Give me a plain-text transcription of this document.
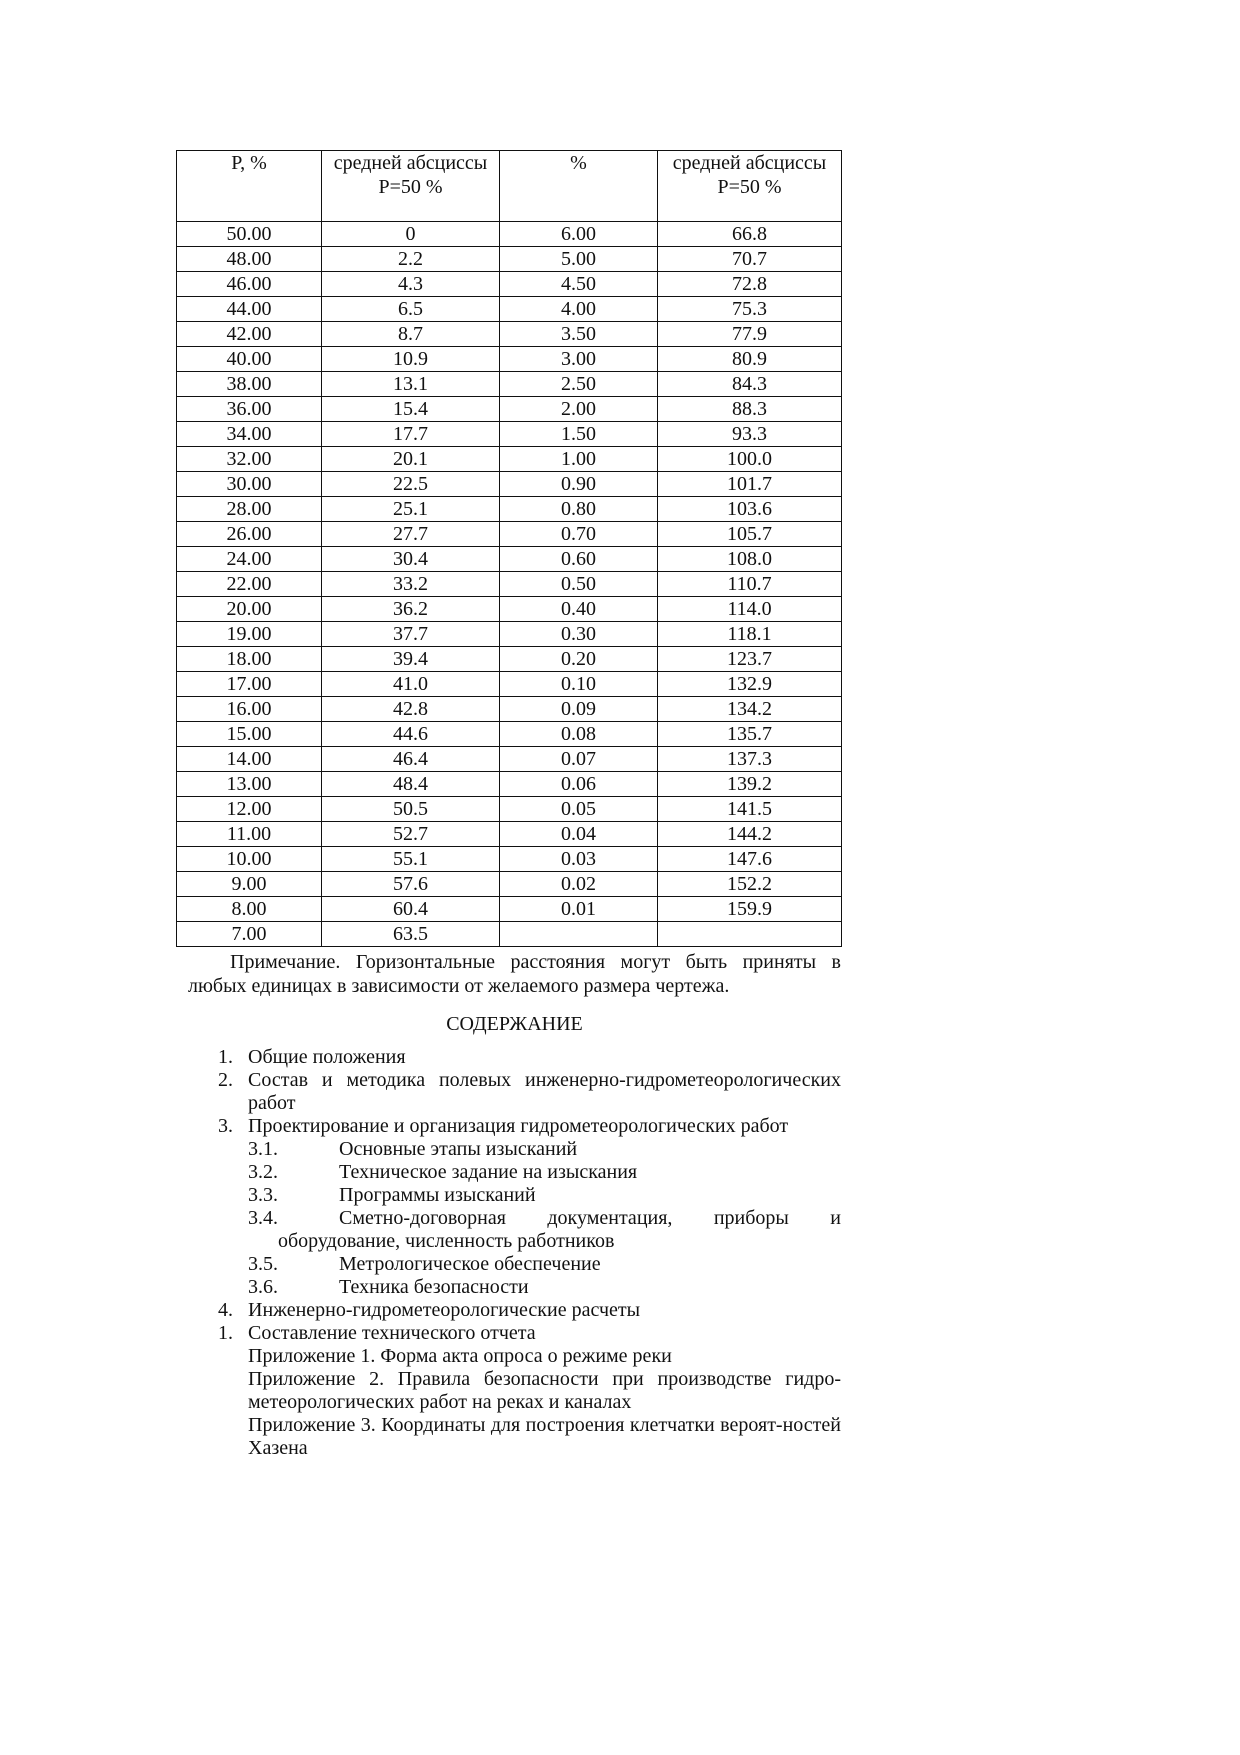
P, %	средней абсциссы P=50 %	%	средней абсциссы P=50 %
50.00	0	6.00	66.8
48.00	2.2	5.00	70.7
46.00	4.3	4.50	72.8
44.00	6.5	4.00	75.3
42.00	8.7	3.50	77.9
40.00	10.9	3.00	80.9
38.00	13.1	2.50	84.3
36.00	15.4	2.00	88.3
34.00	17.7	1.50	93.3
32.00	20.1	1.00	100.0
30.00	22.5	0.90	101.7
28.00	25.1	0.80	103.6
26.00	27.7	0.70	105.7
24.00	30.4	0.60	108.0
22.00	33.2	0.50	110.7
20.00	36.2	0.40	114.0
19.00	37.7	0.30	118.1
18.00	39.4	0.20	123.7
17.00	41.0	0.10	132.9
16.00	42.8	0.09	134.2
15.00	44.6	0.08	135.7
14.00	46.4	0.07	137.3
13.00	48.4	0.06	139.2
12.00	50.5	0.05	141.5
11.00	52.7	0.04	144.2
10.00	55.1	0.03	147.6
9.00	57.6	0.02	152.2
8.00	60.4	0.01	159.9
7.00	63.5		
Примечание. Горизонтальные расстояния могут быть приняты в любых единицах в зависимости от желаемого размера чертежа.
СОДЕРЖАНИЕ
1. Общие положения
2. Состав и методика полевых инженерно-гидрометеорологических работ
3. Проектирование и организация гидрометеорологических работ
3.1.	Основные этапы изысканий
3.2.	Техническое задание на изыскания
3.3.	Программы изысканий
3.4.	Сметно-договорная документация, приборы и оборудование, численность работников
3.5.	Метрологическое обеспечение
3.6.	Техника безопасности
4. Инженерно-гидрометеорологические расчеты
1. Составление технического отчета
Приложение 1. Форма акта опроса о режиме реки
Приложение 2. Правила безопасности при производстве гидро-метеорологических работ на реках и каналах
Приложение 3. Координаты для построения клетчатки вероят-ностей Хазена
